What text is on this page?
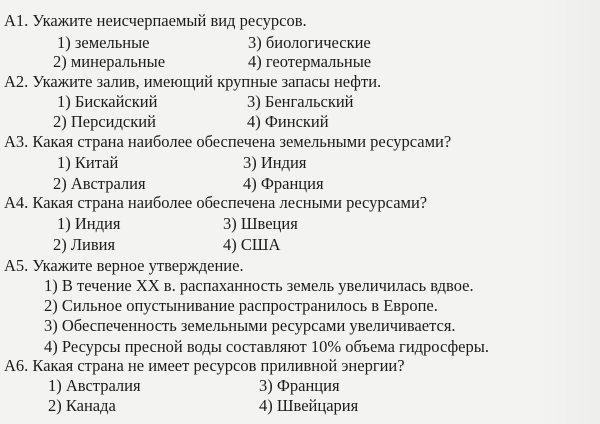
A1. Укажите неисчерпаемый вид ресурсов.
1) земельные	3) биологические
2) минеральные	4) геотермальные
A2. Укажите залив, имеющий крупные запасы нефти.
1) Бискайский	3) Бенгальский
2) Персидский	4) Финский
A3. Какая страна наиболее обеспечена земельными ресурсами?
1) Китай	3) Индия
2) Австралия	4) Франция
A4. Какая страна наиболее обеспечена лесными ресурсами?
1) Индия	3) Швеция
2) Ливия	4) США
A5. Укажите верное утверждение.
1) В течение XX в. распаханность земель увеличилась вдвое.
2) Сильное опустынивание распространилось в Европе.
3) Обеспеченность земельными ресурсами увеличивается.
4) Ресурсы пресной воды составляют 10% объема гидросферы.
A6. Какая страна не имеет ресурсов приливной энергии?
1) Австралия	3) Франция
2) Канада	4) Швейцария
